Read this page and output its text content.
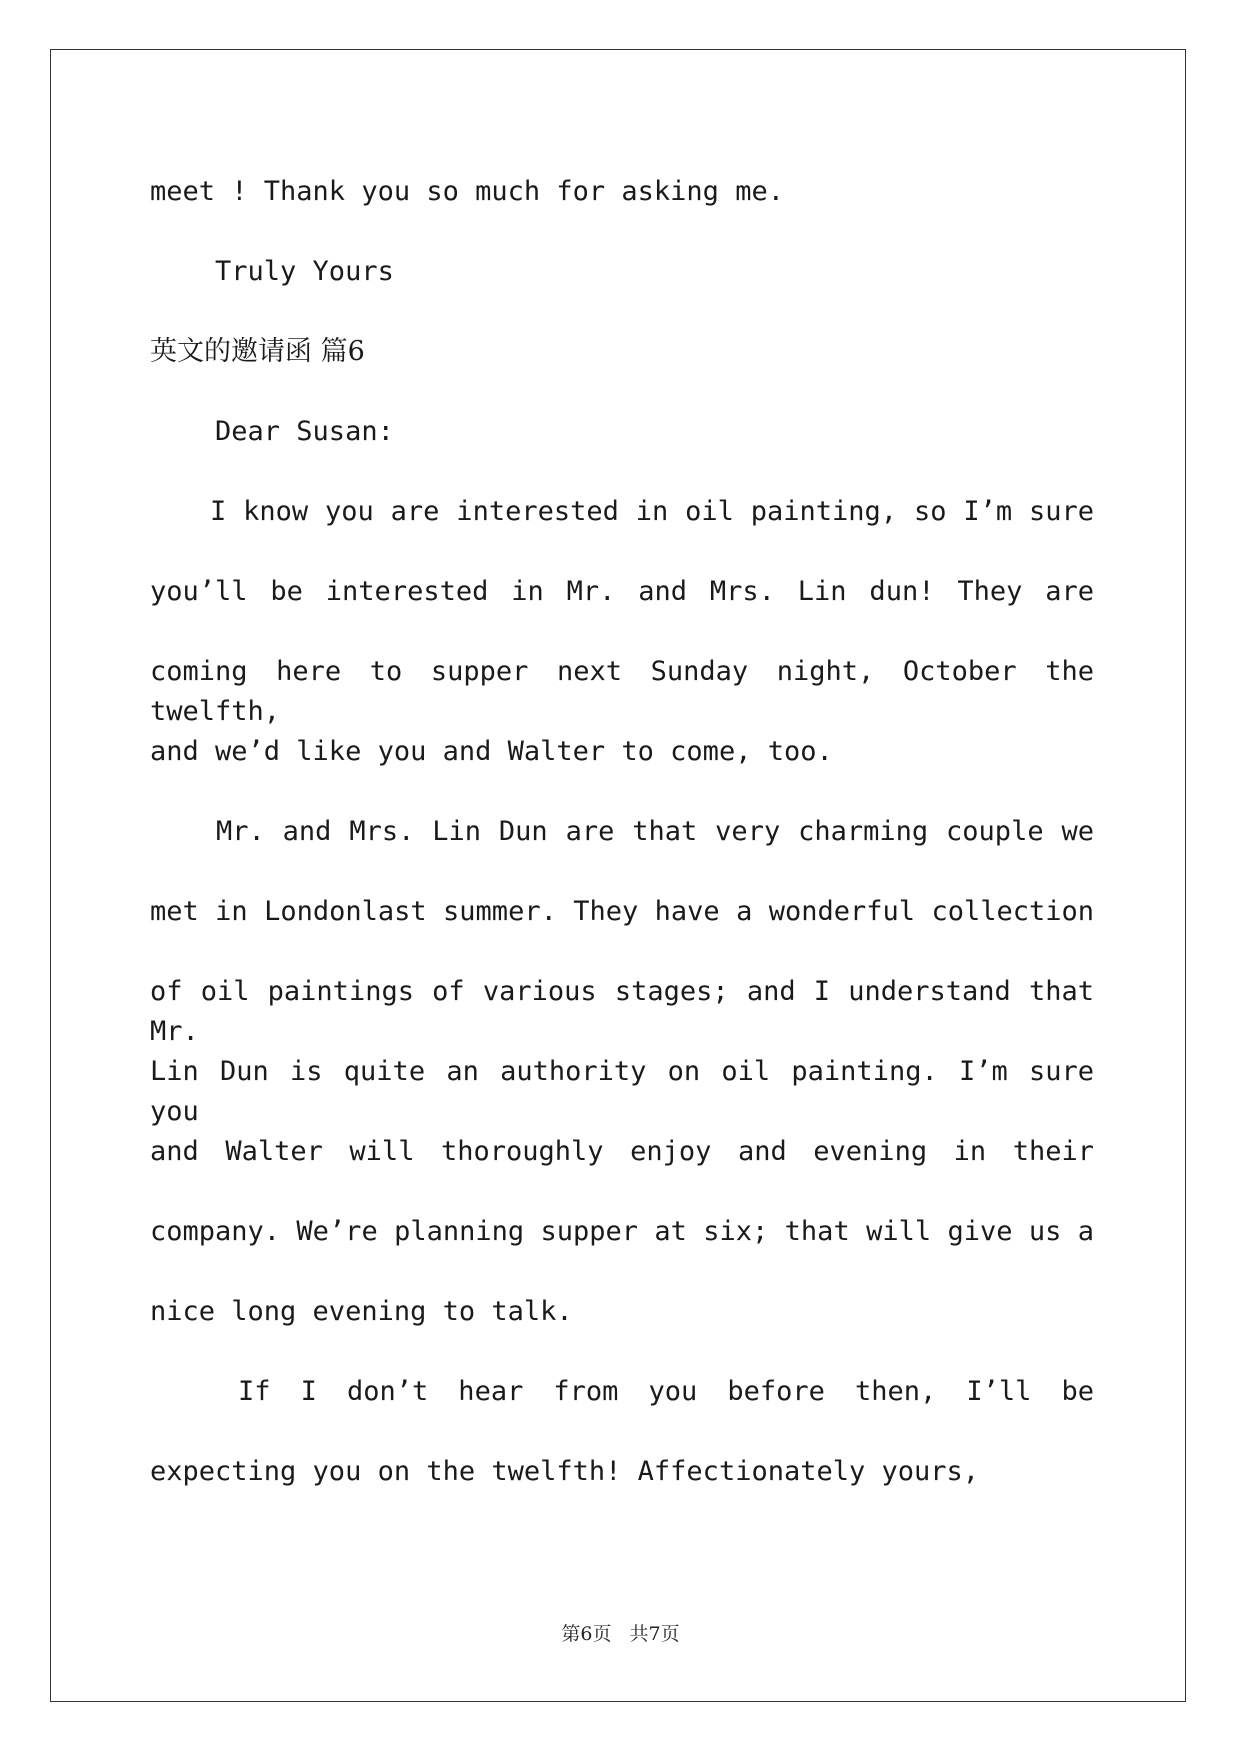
meet ! Thank you so much for asking me.

Truly Yours

英文的邀请函 篇6

Dear Susan:

I know you are interested in oil painting, so I’m sure

you’ll be interested in Mr. and Mrs. Lin dun! They are

coming here to supper next Sunday night, October the twelfth,

and we’d like you and Walter to come, too.

Mr. and Mrs. Lin Dun are that very charming couple we

met in Londonlast summer. They have a wonderful collection

of oil paintings of various stages; and I understand that Mr.

Lin Dun is quite an authority on oil painting. I’m sure you

and Walter will thoroughly enjoy and evening in their

company. We’re planning supper at six; that will give us a

nice long evening to talk.

If I don’t hear from you before then, I’ll be

expecting you on the twelfth! Affectionately yours,

第6页 共7页
